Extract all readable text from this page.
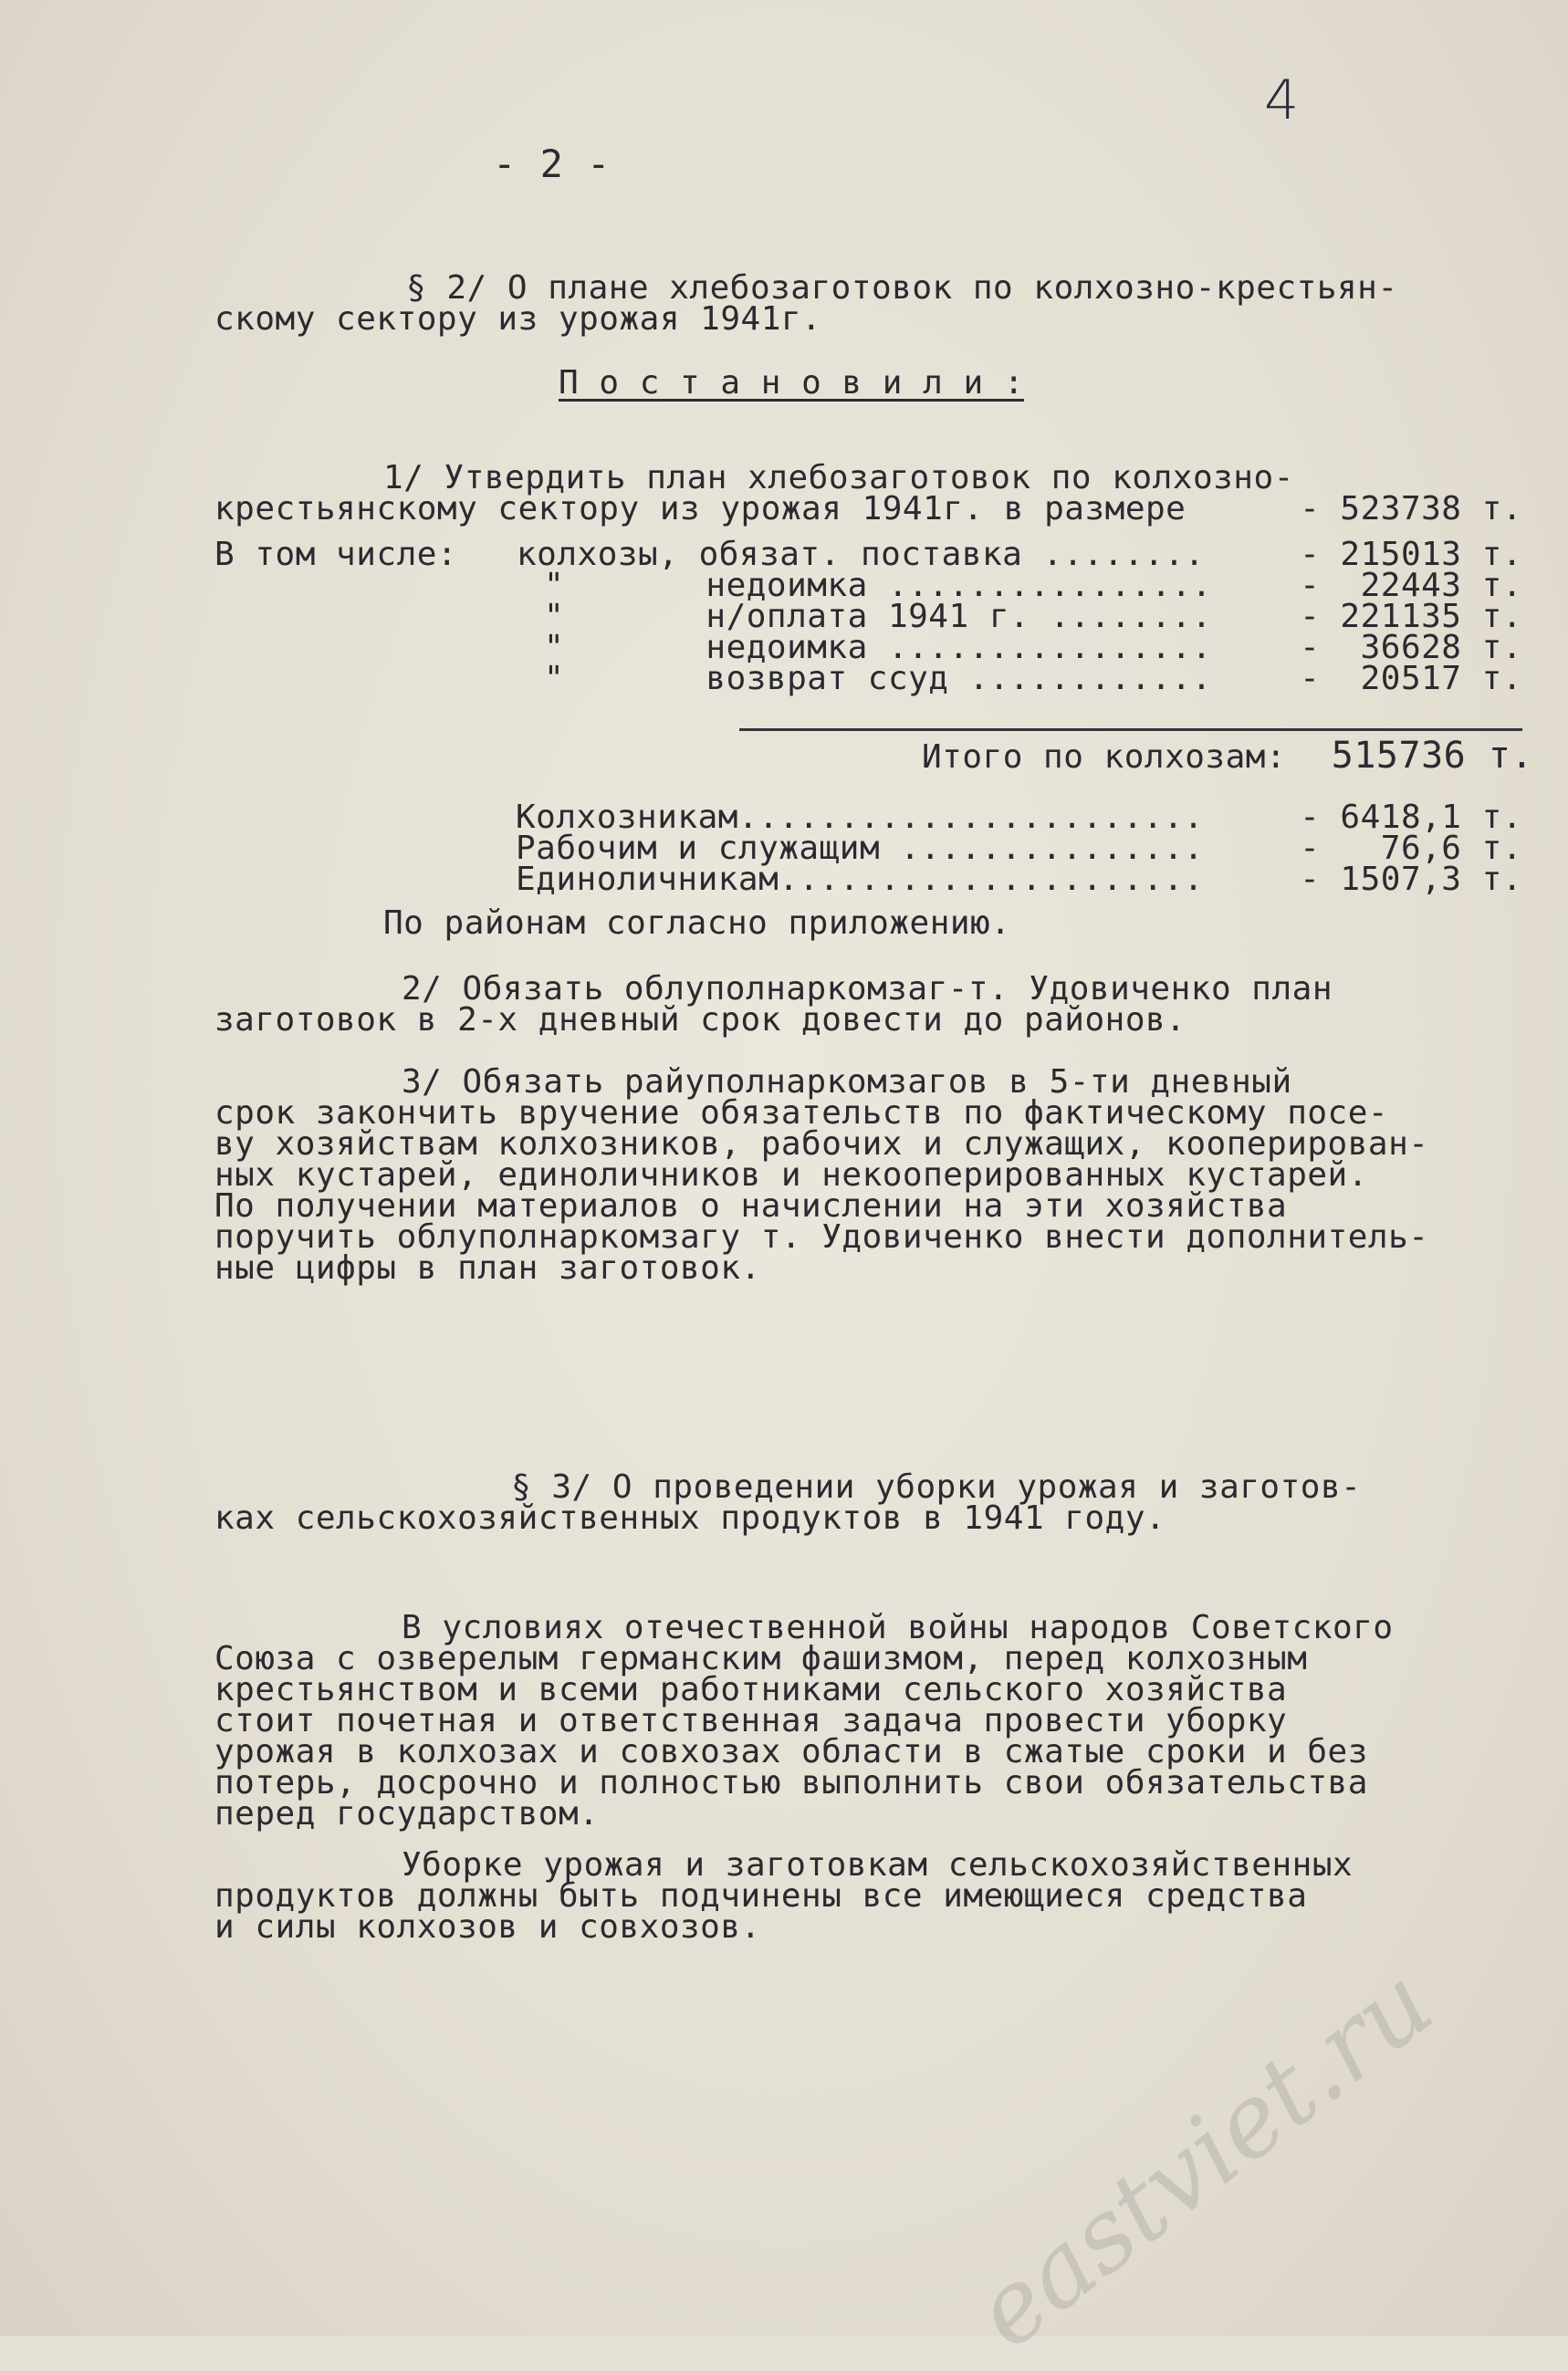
- 2 -
4
§ 2/ О плане хлебозаготовок по колхозно-крестьян-
скому сектору из урожая 1941г.
П о с т а н о в и л и :
1/ Утвердить план хлебозаготовок по колхозно-
крестьянскому сектору из урожая 1941г. в размере	- 523738 т.
В том числе: колхозы, обязат. поставка ........	- 215013 т.
"       недоимка ................	-  22443 т.
"       н/оплата 1941 г. ........	- 221135 т.
"       недоимка ................	-  36628 т.
"       возврат ссуд ............	-  20517 т.
Итого по колхозам: 515736 т.
Колхозникам.......................	- 6418,1 т.
Рабочим и служащим ...............	-   76,6 т.
Единоличникам.....................	- 1507,3 т.
По районам согласно приложению.
2/ Обязать облуполнаркомзаг-т. Удовиченко план
заготовок в 2-х дневный срок довести до районов.
3/ Обязать райуполнаркомзагов в 5-ти дневный
срок закончить вручение обязательств по фактическому посе-
ву хозяйствам колхозников, рабочих и служащих, кооперирован-
ных кустарей, единоличников и некооперированных кустарей.
По получении материалов о начислении на эти хозяйства
поручить облуполнаркомзагу т. Удовиченко внести дополнитель-
ные цифры в план заготовок.
§ 3/ О проведении уборки урожая и заготов-
ках сельскохозяйственных продуктов в 1941 году.
В условиях отечественной войны народов Советского
Союза с озверелым германским фашизмом, перед колхозным
крестьянством и всеми работниками сельского хозяйства
стоит почетная и ответственная задача провести уборку
урожая в колхозах и совхозах области в сжатые сроки и без
потерь, досрочно и полностью выполнить свои обязательства
перед государством.
Уборке урожая и заготовкам сельскохозяйственных
продуктов должны быть подчинены все имеющиеся средства
и силы колхозов и совхозов.
eastviet.ru
